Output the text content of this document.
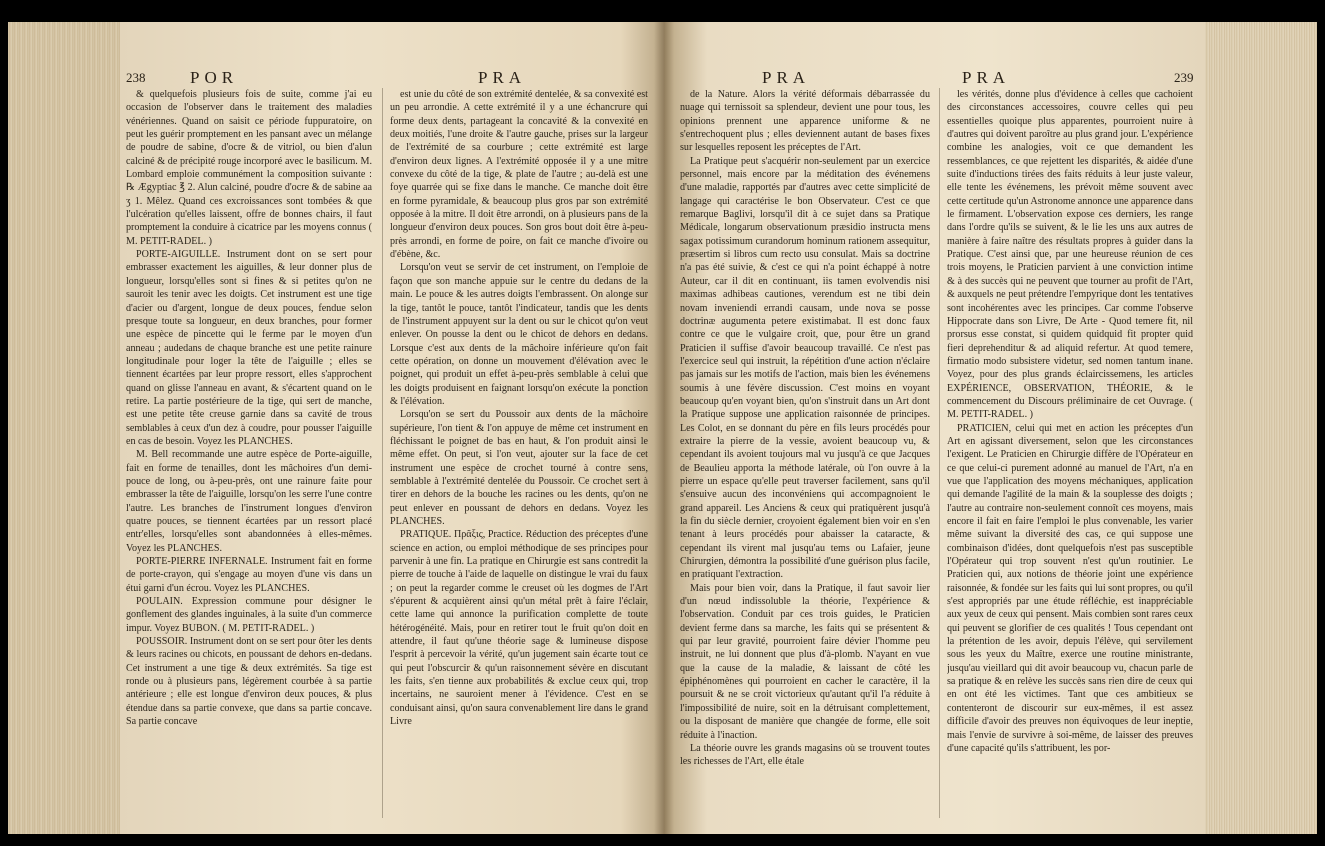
238	POR	PRA

& quelquefois plusieurs fois de suite, comme j'ai eu occasion de l'observer dans le traitement des maladies vénériennes. Quand on saisit ce période fuppuratoire, on peut les guérir promptement en les pansant avec un mélange de poudre de sabine, d'ocre & de vitriol, ou bien d'alun calciné & de précipité rouge incorporé avec le basilicum. M. Lombard emploie communément la composition suivante : ℞ Ægyptiac ℥ 2. Alun calciné, poudre d'ocre & de sabine aa ʒ 1. Mêlez. Quand ces excroissances sont tombées & que l'ulcération qu'elles laissent, offre de bonnes chairs, il faut promptement la conduire à cicatrice par les moyens connus ( M. PETIT-RADEL. )

PORTE-AIGUILLE. Instrument dont on se sert pour embrasser exactement les aiguilles, & leur donner plus de longueur, lorsqu'elles sont si fines & si petites qu'on ne sauroit les tenir avec les doigts. Cet instrument est une tige d'acier ou d'argent, longue de deux pouces, fendue selon presque toute sa longueur, en deux branches, pour former une espèce de pincette qui le ferme par le moyen d'un anneau ; audedans de chaque branche est une petite rainure longitudinale pour loger la tête de l'aiguille ; elles se tiennent écartées par leur propre ressort, elles s'approchent quand on glisse l'anneau en avant, & s'écartent quand on le retire. La partie postérieure de la tige, qui sert de manche, est une petite tête creuse garnie dans sa cavité de trous semblables à ceux d'un dez à coudre, pour pousser l'aiguille en cas de besoin. Voyez les PLANCHES.

M. Bell recommande une autre espèce de Porte-aiguille, fait en forme de tenailles, dont les mâchoires d'un demi-pouce de long, ou à-peu-près, ont une rainure faite pour embrasser la tête de l'aiguille, lorsqu'on les serre l'une contre l'autre. Les branches de l'instrument longues d'environ quatre pouces, se tiennent écartées par un ressort placé entr'elles, lorsqu'elles sont abandonnées à elles-mêmes. Voyez les PLANCHES.

PORTE-PIERRE INFERNALE. Instrument fait en forme de porte-crayon, qui s'engage au moyen d'une vis dans un étui garni d'un écrou. Voyez les PLANCHES.

POULAIN. Expression commune pour désigner le gonflement des glandes inguinales, à la suite d'un commerce impur. Voyez BUBON. ( M. PETIT-RADEL. )

POUSSOIR. Instrument dont on se sert pour ôter les dents & leurs racines ou chicots, en poussant de dehors en-dedans. Cet instrument a une tige & deux extrémités. Sa tige est ronde ou à plusieurs pans, légèrement courbée à sa partie antérieure ; elle est longue d'environ deux pouces, & plus étendue dans sa partie convexe, que dans sa partie concave. Sa partie concave

est unie du côté de son extrémité dentelée, & sa convexité est un peu arrondie. A cette extrémité il y a une échancrure qui forme deux dents, partageant la concavité & la convexité en deux moitiés, l'une droite & l'autre gauche, prises sur la largeur de l'extrémité de sa courbure ; cette extrémité est large d'environ deux lignes. A l'extrémité opposée il y a une mitre convexe du côté de la tige, & plate de l'autre ; au-delà est une foye quarrée qui se fixe dans le manche. Ce manche doit être en forme pyramidale, & beaucoup plus gros par son extrémité opposée à la mitre. Il doit être arrondi, on à plusieurs pans de la longueur d'environ deux pouces. Son gros bout doit être à-peu-près arrondi, en forme de poire, on fait ce manche d'ivoire ou d'ébène, &c.

Lorsqu'on veut se servir de cet instrument, on l'emploie de façon que son manche appuie sur le centre du dedans de la main. Le pouce & les autres doigts l'embrassent. On alonge sur la tige, tantôt le pouce, tantôt l'indicateur, tandis que les dents de l'instrument appuyent sur la dent ou sur le chicot qu'on veut enlever. On pousse la dent ou le chicot de dehors en dedans. Lorsque c'est aux dents de la mâchoire inférieure qu'on fait cette opération, on donne un mouvement d'élévation avec le poignet, qui produit un effet à-peu-près semblable à celui que les doigts produisent en faignant lorsqu'on exécute la ponction & l'élévation.

Lorsqu'on se sert du Poussoir aux dents de la mâchoire supérieure, l'on tient & l'on appuye de même cet instrument en fléchissant le poignet de bas en haut, & l'on produit ainsi le même effet. On peut, si l'on veut, ajouter sur la face de cet instrument une espèce de crochet tourné à contre sens, semblable à l'extrémité dentelée du Poussoir. Ce crochet sert à tirer en dehors de la bouche les racines ou les dents, qu'on ne peut enlever en poussant de dehors en dedans. Voyez les PLANCHES.

PRATIQUE. Πρᾶξις, Practice. Réduction des préceptes d'une science en action, ou emploi méthodique de ses principes pour parvenir à une fin. La pratique en Chirurgie est sans contredit la pierre de touche à l'aide de laquelle on distingue le vrai du faux ; on peut la regarder comme le creuset où les dogmes de l'Art s'épurent & acquièrent ainsi qu'un métal prêt à faire l'éclair, cette lame qui annonce la purification complette de toute hétérogénéité. Mais, pour en retirer tout le fruit qu'on doit en attendre, il faut qu'une théorie sage & lumineuse dispose l'esprit à percevoir la vérité, qu'un jugement sain écarte tout ce qui peut l'obscurcir & qu'un raisonnement sévère en discutant les faits, s'en tienne aux probabilités & exclue ceux qui, trop incertains, ne sauroient mener à l'évidence. C'est en se conduisant ainsi, qu'on saura convenablement lire dans le grand Livre

PRA	PRA	239

de la Nature. Alors la vérité déformais débarrassée du nuage qui ternissoit sa splendeur, devient une pour tous, les opinions prennent une apparence uniforme & ne s'entrechoquent plus ; elles deviennent autant de bases fixes sur lesquelles reposent les préceptes de l'Art.

La Pratique peut s'acquérir non-seulement par un exercice personnel, mais encore par la méditation des événemens d'une maladie, rapportés par d'autres avec cette simplicité de langage qui caractérise le bon Observateur. C'est ce que remarque Baglivi, lorsqu'il dit à ce sujet dans sa Pratique Médicale, longarum observationum præsidio instructa mens sagax potissimum curandorum hominum rationem assequitur, præsertim si libros cum recto usu consulat. Mais sa doctrine n'a pas été suivie, & c'est ce qui n'a point échappé à notre Auteur, car il dit en continuant, iis tamen evolvendis nisi maximas adhibeas cautiones, verendum est ne tibi dein novam inveniendi errandi causam, unde nova se posse doctrinæ augumenta petere existimabat. Il est donc faux contre ce que le vulgaire croit, que, pour être un grand Praticien il suffise d'avoir beaucoup travaillé. Ce n'est pas l'exercice seul qui instruit, la répétition d'une action n'éclaire pas jamais sur les motifs de l'action, mais bien les événemens soumis à une févère discussion. C'est moins en voyant beaucoup qu'en voyant bien, qu'on s'instruit dans un Art dont la Pratique suppose une application raisonnée de principes. Les Colot, en se donnant du père en fils leurs procédés pour extraire la pierre de la vessie, avoient beaucoup vu, & cependant ils avoient toujours mal vu jusqu'à ce que Jacques de Beaulieu apporta la méthode latérale, où l'on ouvre à la pierre un espace qu'elle peut traverser facilement, sans qu'il s'ensuive aucun des inconvéniens qui accompagnoient le grand appareil. Les Anciens & ceux qui pratiquèrent jusqu'à la fin du siècle dernier, croyoient également bien voir en s'en tenant à leurs procédés pour abaisser la cataracte, & cependant ils virent mal jusqu'au tems ou Lafaier, jeune Chirurgien, démontra la possibilité d'une guérison plus facile, en pratiquant l'extraction.

Mais pour bien voir, dans la Pratique, il faut savoir lier d'un nœud indissoluble la théorie, l'expérience & l'observation. Conduit par ces trois guides, le Praticien devient ferme dans sa marche, les faits qui se présentent & qui par leur gravité, pourroient faire dévier l'homme peu instruit, ne lui donnent que plus d'à-plomb. N'ayant en vue que la cause de la maladie, & laissant de côté les épiphénomènes qui pourroient en cacher le caractère, il la poursuit & ne se croit victorieux qu'autant qu'il l'a réduite à l'impossibilité de nuire, soit en la détruisant complettement, ou la disposant de manière que changée de forme, elle soit réduite à l'inaction.

La théorie ouvre les grands magasins où se trouvent toutes les richesses de l'Art, elle étale

les vérités, donne plus d'évidence à celles que cachoient des circonstances accessoires, couvre celles qui peu essentielles quoique plus apparentes, pourroient nuire à d'autres qui doivent paroître au plus grand jour. L'expérience combine les analogies, voit ce que demandent les ressemblances, ce que rejettent les disparités, & aidée d'une suite d'inductions tirées des faits réduits à leur juste valeur, elle tente les événemens, les prévoit même souvent avec cette certitude qu'un Astronome annonce une apparence dans le firmament. L'observation expose ces derniers, les range dans l'ordre qu'ils se suivent, & le lie les uns aux autres de manière à faire naître des résultats propres à guider dans la Pratique. C'est ainsi que, par une heureuse réunion de ces trois moyens, le Praticien parvient à une conviction intime & à des succès qui ne peuvent que tourner au profit de l'Art, & auxquels ne peut prétendre l'empyrique dont les tentatives sont incohérentes avec les principes. Car comme l'observe Hippocrate dans son Livre, De Arte - Quod temere fit, nil prorsus esse constat, si quidem quidquid fit propter quid fieri deprehenditur & ad aliquid refertur. At quod temere, firmatio modo subsistere videtur, sed nomen tantum inane. Voyez, pour des plus grands éclaircissemens, les articles EXPÉRIENCE, OBSERVATION, THÉORIE, & le commencement du Discours préliminaire de cet Ouvrage. ( M. PETIT-RADEL. )

PRATICIEN, celui qui met en action les préceptes d'un Art en agissant diversement, selon que les circonstances l'exigent. Le Praticien en Chirurgie diffère de l'Opérateur en ce que celui-ci purement adonné au manuel de l'Art, n'a en vue que l'application des moyens méchaniques, application qui demande l'agilité de la main & la souplesse des doigts ; l'autre au contraire non-seulement connoît ces moyens, mais encore il fait en faire l'emploi le plus convenable, les varier même suivant la diversité des cas, ce qui suppose une combinaison d'idées, dont quelquefois n'est pas susceptible l'Opérateur qui trop souvent n'est qu'un routinier. Le Praticien qui, aux notions de théorie joint une expérience raisonnée, & fondée sur les faits qui lui sont propres, ou qu'il s'est appropriés par une étude réfléchie, est inappréciable aux yeux de ceux qui pensent. Mais combien sont rares ceux qui peuvent se glorifier de ces qualités ! Tous cependant ont la prétention de les avoir, depuis l'élève, qui servilement sous les yeux du Maître, exerce une routine ministrante, jusqu'au vieillard qui dit avoir beaucoup vu, chacun parle de sa pratique & en relève les succès sans rien dire de ceux qui en ont été les victimes. Tant que ces ambitieux se contenteront de discourir sur eux-mêmes, il est assez difficile d'avoir des preuves non équivoques de leur ineptie, mais l'envie de survivre à soi-même, de laisser des preuves d'une capacité qu'ils s'attribuent, les por-
